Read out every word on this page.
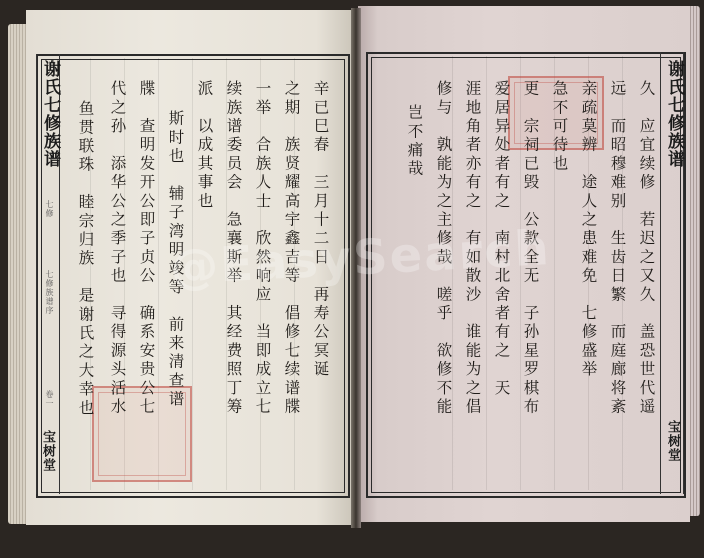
谢氏七修族谱
七修
七修族谱序
卷一
宝树堂
谢氏七修族谱
宝树堂
辛已巳春　三月十二日　再寿公冥诞
之期　族贤耀高宇鑫吉等　倡修七续谱牒
一举　合族人士　欣然响应　当即成立七
续族谱委员会　急襄斯举　其经费照丁筹
派　以成其事也
斯时也　辅子湾明竣等　前来清查谱
牒　查明发开公即子贞公　确系安贵公七
代之孙　添华公之季子也　寻得源头活水
鱼贯联珠　睦宗归族　是谢氏之大幸也	久　应宜续修　若迟之又久　盖恐世代遥
远　而昭穆难别　生齿日繁　而庭廊将紊
亲疏莫辨　途人之患难免　七修盛举
急不可待也
更　宗祠已毁　公款全无　子孙星罗棋布
爱居异处者有之　南村北舍者有之　天
涯地角者亦有之　有如散沙　谁能为之倡
修与　孰能为之主修哉　嗟乎　欲修不能
岂不痛哉
@EasySearch
